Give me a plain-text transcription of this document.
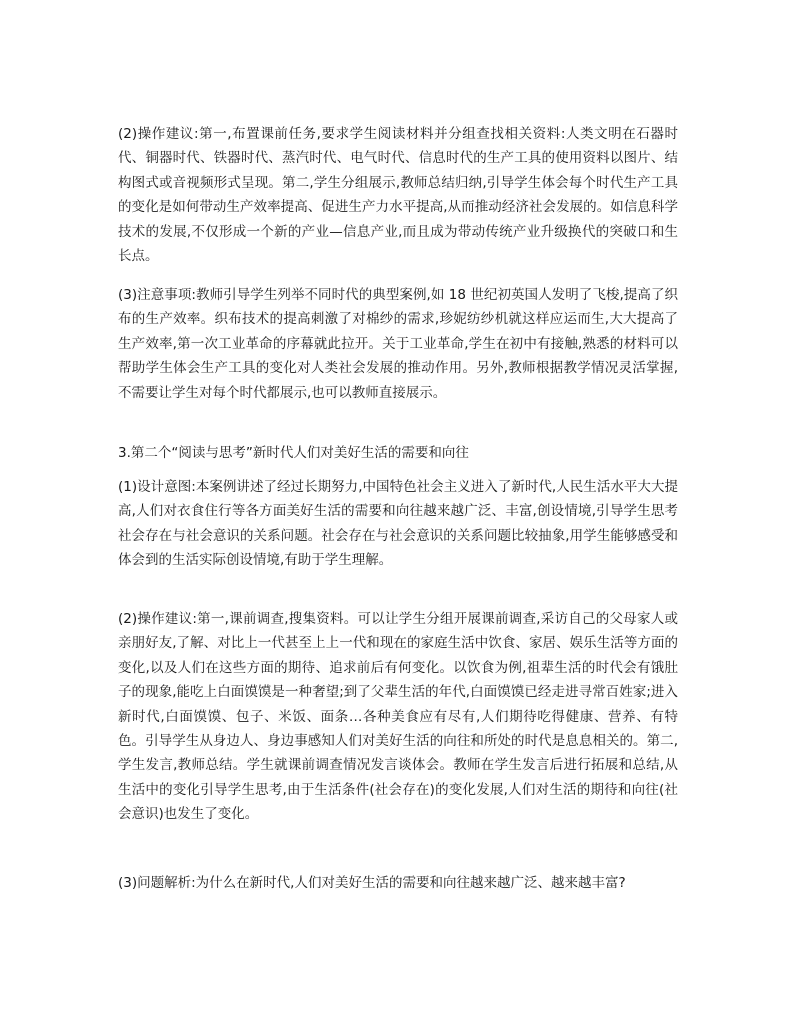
(2)操作建议:第一,布置课前任务,要求学生阅读材料并分组查找相关资料:人类文明在石器时代、铜器时代、铁器时代、蒸汽时代、电气时代、信息时代的生产工具的使用资料以图片、结构图式或音视频形式呈现。第二,学生分组展示,教师总结归纳,引导学生体会每个时代生产工具的变化是如何带动生产效率提高、促进生产力水平提高,从而推动经济社会发展的。如信息科学技术的发展,不仅形成一个新的产业—信息产业,而且成为带动传统产业升级换代的突破口和生长点。

(3)注意事项:教师引导学生列举不同时代的典型案例,如 18 世纪初英国人发明了飞梭,提高了织布的生产效率。织布技术的提高刺激了对棉纱的需求,珍妮纺纱机就这样应运而生,大大提高了生产效率,第一次工业革命的序幕就此拉开。关于工业革命,学生在初中有接触,熟悉的材料可以帮助学生体会生产工具的变化对人类社会发展的推动作用。另外,教师根据教学情况灵活掌握,不需要让学生对每个时代都展示,也可以教师直接展示。

3.第二个“阅读与思考”新时代人们对美好生活的需要和向往

(1)设计意图:本案例讲述了经过长期努力,中国特色社会主义进入了新时代,人民生活水平大大提高,人们对衣食住行等各方面美好生活的需要和向往越来越广泛、丰富,创设情境,引导学生思考社会存在与社会意识的关系问题。社会存在与社会意识的关系问题比较抽象,用学生能够感受和体会到的生活实际创设情境,有助于学生理解。

(2)操作建议:第一,课前调查,搜集资料。可以让学生分组开展课前调查,采访自己的父母家人或亲朋好友,了解、对比上一代甚至上上一代和现在的家庭生活中饮食、家居、娱乐生活等方面的变化,以及人们在这些方面的期待、追求前后有何变化。以饮食为例,祖辈生活的时代会有饿肚子的现象,能吃上白面馍馍是一种奢望;到了父辈生活的年代,白面馍馍已经走进寻常百姓家;进入新时代,白面馍馍、包子、米饭、面条…各种美食应有尽有,人们期待吃得健康、营养、有特色。引导学生从身边人、身边事感知人们对美好生活的向往和所处的时代是息息相关的。第二,学生发言,教师总结。学生就课前调查情况发言谈体会。教师在学生发言后进行拓展和总结,从生活中的变化引导学生思考,由于生活条件(社会存在)的变化发展,人们对生活的期待和向往(社会意识)也发生了变化。

(3)问题解析:为什么在新时代,人们对美好生活的需要和向往越来越广泛、越来越丰富?
